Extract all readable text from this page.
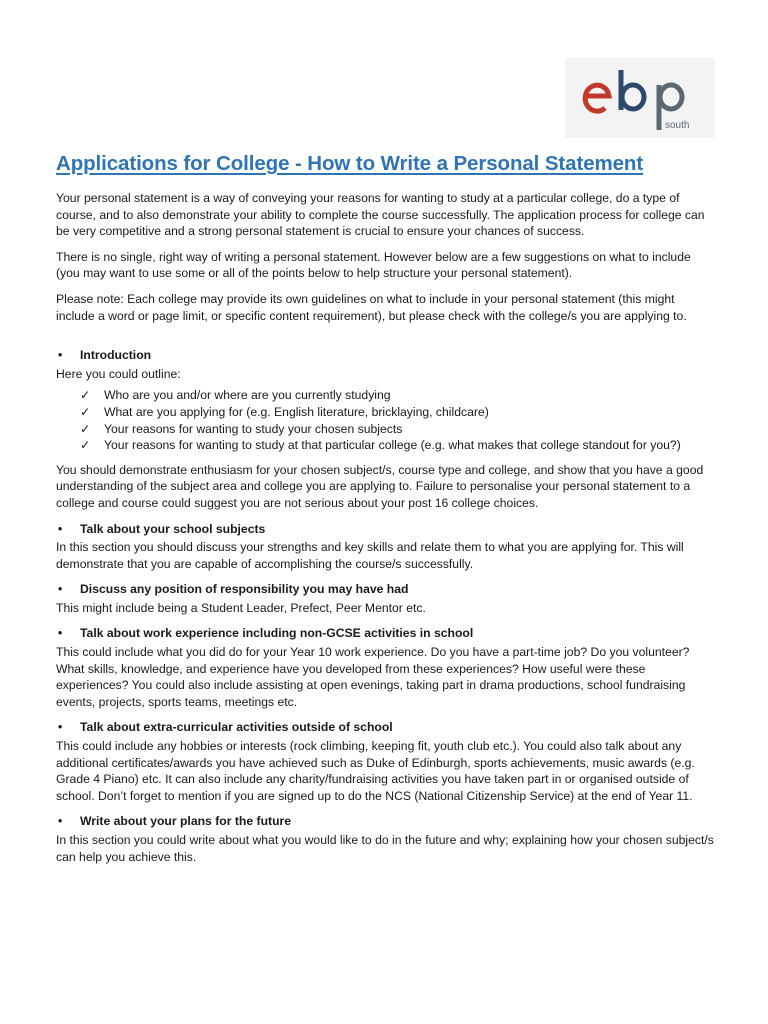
south
Applications for College - How to Write a Personal Statement

Your personal statement is a way of conveying your reasons for wanting to study at a particular college, do a type of course, and to also demonstrate your ability to complete the course successfully. The application process for college can be very competitive and a strong personal statement is crucial to ensure your chances of success.

There is no single, right way of writing a personal statement. However below are a few suggestions on what to include (you may want to use some or all of the points below to help structure your personal statement).

Please note: Each college may provide its own guidelines on what to include in your personal statement (this might include a word or page limit, or specific content requirement), but please check with the college/s you are applying to.

•	Introduction

Here you could outline:

✓	Who are you and/or where are you currently studying
✓	What are you applying for (e.g. English literature, bricklaying, childcare)
✓	Your reasons for wanting to study your chosen subjects
✓	Your reasons for wanting to study at that particular college (e.g. what makes that college standout for you?)

You should demonstrate enthusiasm for your chosen subject/s, course type and college, and show that you have a good understanding of the subject area and college you are applying to. Failure to personalise your personal statement to a college and course could suggest you are not serious about your post 16 college choices.

•	Talk about your school subjects

In this section you should discuss your strengths and key skills and relate them to what you are applying for. This will demonstrate that you are capable of accomplishing the course/s successfully.

•	Discuss any position of responsibility you may have had

This might include being a Student Leader, Prefect, Peer Mentor etc.

•	Talk about work experience including non-GCSE activities in school

This could include what you did do for your Year 10 work experience. Do you have a part-time job? Do you volunteer? What skills, knowledge, and experience have you developed from these experiences? How useful were these experiences? You could also include assisting at open evenings, taking part in drama productions, school fundraising events, projects, sports teams, meetings etc.

•	Talk about extra-curricular activities outside of school

This could include any hobbies or interests (rock climbing, keeping fit, youth club etc.). You could also talk about any additional certificates/awards you have achieved such as Duke of Edinburgh, sports achievements, music awards (e.g. Grade 4 Piano) etc. It can also include any charity/fundraising activities you have taken part in or organised outside of school. Don’t forget to mention if you are signed up to do the NCS (National Citizenship Service) at the end of Year 11.

•	Write about your plans for the future

In this section you could write about what you would like to do in the future and why; explaining how your chosen subject/s can help you achieve this.
